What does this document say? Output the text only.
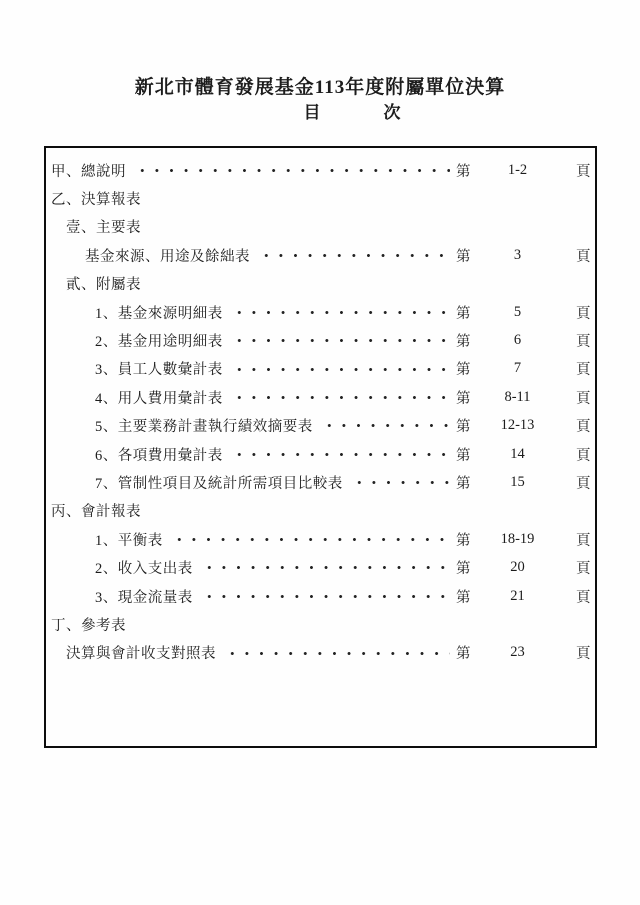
新北市體育發展基金113年度附屬單位決算
目	次
甲、總說明	第	1-2	頁
乙、決算報表
壹、主要表
基金來源、用途及餘絀表	第	3	頁
貳、附屬表
1、基金來源明細表	第	5	頁
2、基金用途明細表	第	6	頁
3、員工人數彙計表	第	7	頁
4、用人費用彙計表	第	8-11	頁
5、主要業務計畫執行績效摘要表	第	12-13	頁
6、各項費用彙計表	第	14	頁
7、管制性項目及統計所需項目比較表	第	15	頁
丙、會計報表
1、平衡表	第	18-19	頁
2、收入支出表	第	20	頁
3、現金流量表	第	21	頁
丁、參考表
決算與會計收支對照表	第	23	頁
